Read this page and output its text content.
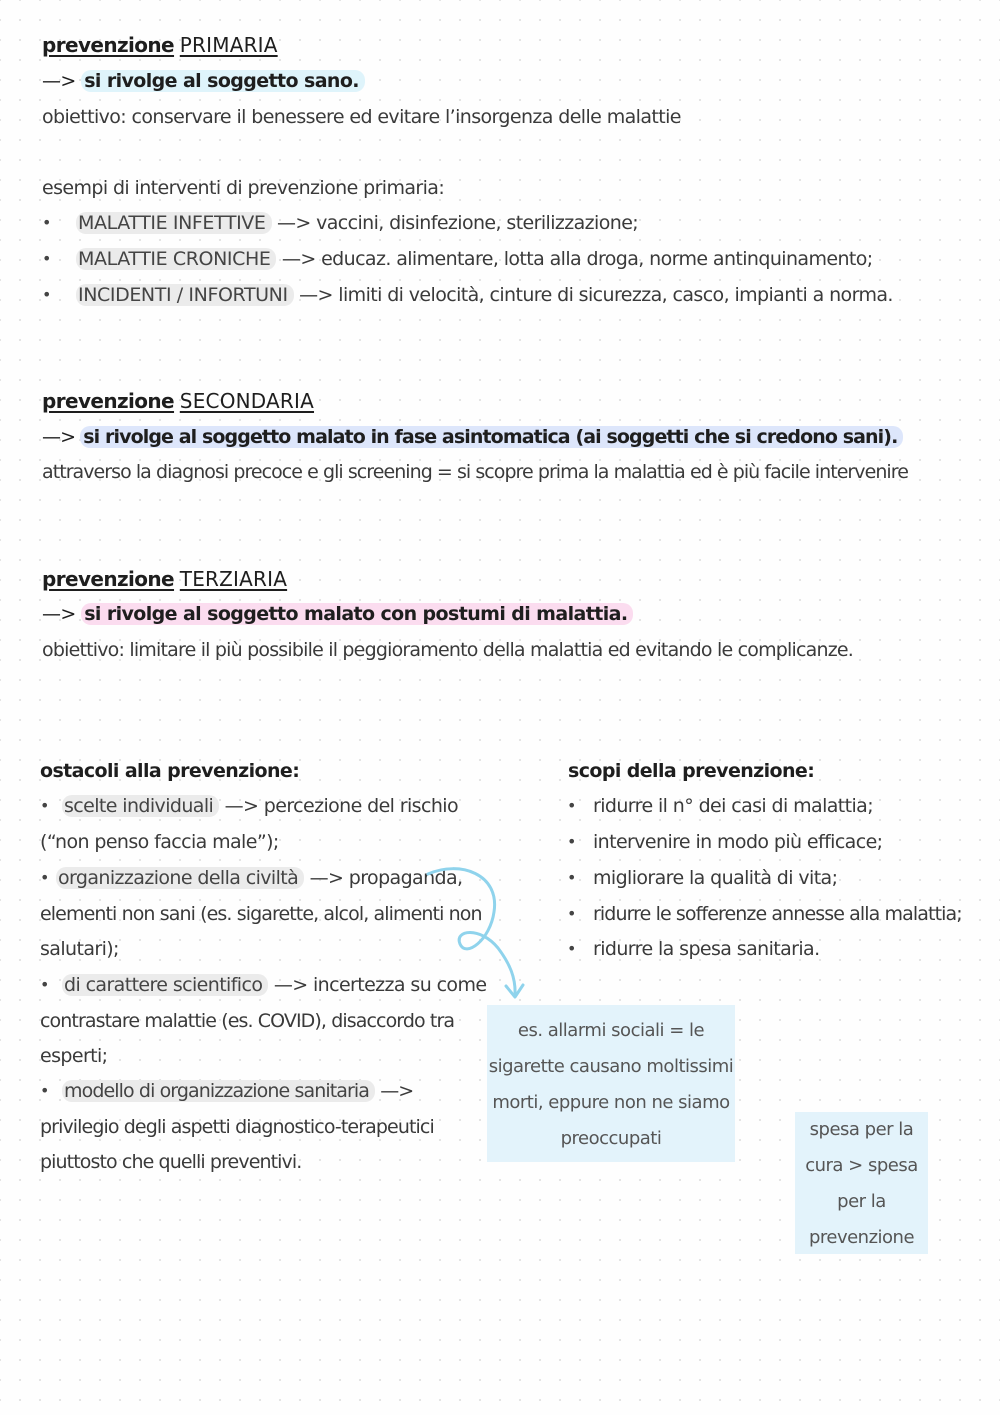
prevenzione PRIMARIA
—> si rivolge al soggetto sano.
obiettivo: conservare il benessere ed evitare l’insorgenza delle malattie
esempi di interventi di prevenzione primaria:
• MALATTIE INFETTIVE —> vaccini, disinfezione, sterilizzazione;
• MALATTIE CRONICHE —> educaz. alimentare, lotta alla droga, norme antinquinamento;
• INCIDENTI / INFORTUNI —> limiti di velocità, cinture di sicurezza, casco, impianti a norma.
prevenzione SECONDARIA
—> si rivolge al soggetto malato in fase asintomatica (ai soggetti che si credono sani).
attraverso la diagnosi precoce e gli screening = si scopre prima la malattia ed è più facile intervenire
prevenzione TERZIARIA
—> si rivolge al soggetto malato con postumi di malattia.
obiettivo: limitare il più possibile il peggioramento della malattia ed evitando le complicanze.
ostacoli alla prevenzione:
• scelte individuali —> percezione del rischio
(“non penso faccia male”);
• organizzazione della civiltà —> propaganda,
elementi non sani (es. sigarette, alcol, alimenti non
salutari);
• di carattere scientifico —> incertezza su come
contrastare malattie (es. COVID), disaccordo tra
esperti;
• modello di organizzazione sanitaria —>
privilegio degli aspetti diagnostico-terapeutici
piuttosto che quelli preventivi.
scopi della prevenzione:
• ridurre il n° dei casi di malattia;
• intervenire in modo più efficace;
• migliorare la qualità di vita;
• ridurre le sofferenze annesse alla malattia;
• ridurre la spesa sanitaria.
es. allarmi sociali = le
sigarette causano moltissimi
morti, eppure non ne siamo
preoccupati	spesa per la
cura > spesa
per la
prevenzione
